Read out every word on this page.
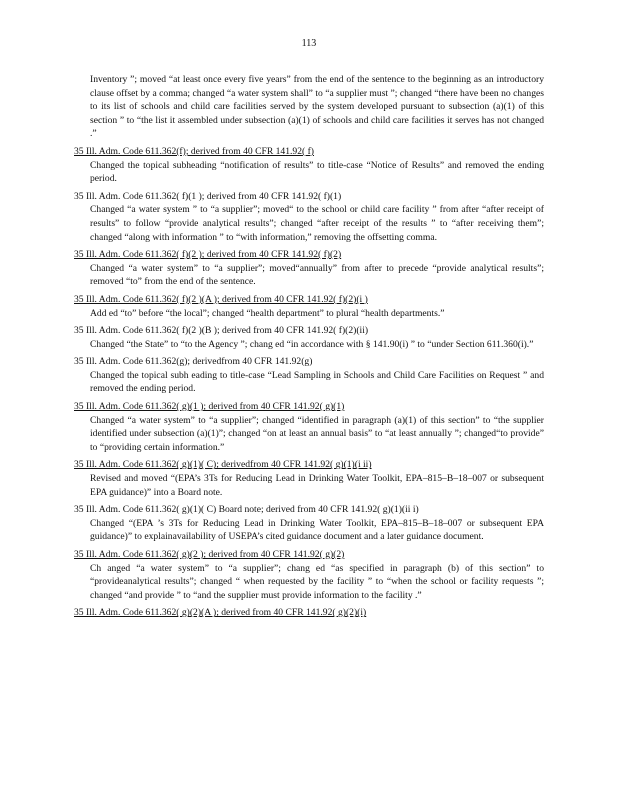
113
Inventory ”; moved “at least once every five years” from the end of the sentence to the beginning as an introductory clause offset by a comma; changed “a water system shall” to “a supplier must ”; changed “there have been no changes to its list of schools and child care facilities served by the system developed pursuant to subsection (a)(1) of this section ” to “the list it assembled under subsection (a)(1) of schools and child care facilities it serves has not changed .”
35 Ill. Adm. Code 611.362(f); derived from 40 CFR 141.92( f)
Changed the topical subheading “notification of results” to title-case “Notice of Results” and removed the ending period.
35 Ill. Adm. Code 611.362( f)(1 ); derived from 40 CFR 141.92( f)(1)
Changed “a water system ” to “a supplier”; moved“ to the school or child care facility ” from after “after receipt of results” to follow “provide analytical results”; changed “after receipt of the results ” to “after receiving them”; changed “along with information ” to “with information,” removing the offsetting comma.
35 Ill. Adm. Code 611.362( f)(2 ); derived from 40 CFR 141.92( f)(2)
Changed “a water system” to “a supplier”; moved“annually” from after to precede “provide analytical results”; removed “to” from the end of the sentence.
35 Ill. Adm. Code 611.362( f)(2 )(A ); derived from 40 CFR 141.92( f)(2)(i )
Add ed “to” before “the local”; changed “health department” to plural “health departments.”
35 Ill. Adm. Code 611.362( f)(2 )(B ); derived from 40 CFR 141.92( f)(2)(ii)
Changed “the State” to “to the Agency ”; chang ed “in accordance with § 141.90(i) ” to “under Section 611.360(i).”
35 Ill. Adm. Code 611.362(g); derivedfrom 40 CFR 141.92(g)
Changed the topical subh eading to title-case “Lead Sampling in Schools and Child Care Facilities on Request ” and removed the ending period.
35 Ill. Adm. Code 611.362( g)(1 ); derived from 40 CFR 141.92( g)(1)
Changed “a water system” to “a supplier”; changed “identified in paragraph (a)(1) of this section” to “the supplier identified under subsection (a)(1)”; changed “on at least an annual basis” to “at least annually ”; changed“to provide” to “providing certain information.”
35 Ill. Adm. Code 611.362( g)(1)( C); derivedfrom 40 CFR 141.92( g)(1)(i ii)
Revised and moved “(EPA’s 3Ts for Reducing Lead in Drinking Water Toolkit, EPA–815–B–18–007 or subsequent EPA guidance)” into a Board note.
35 Ill. Adm. Code 611.362( g)(1)( C) Board note; derived from 40 CFR 141.92( g)(1)(ii i)
Changed “(EPA ’s 3Ts for Reducing Lead in Drinking Water Toolkit, EPA–815–B–18–007 or subsequent EPA guidance)” to explainavailability of USEPA’s cited guidance document and a later guidance document.
35 Ill. Adm. Code 611.362( g)(2 ); derived from 40 CFR 141.92( g)(2)
Ch anged “a water system” to “a supplier”; chang ed “as specified in paragraph (b) of this section” to “provideanalytical results”; changed “ when requested by the facility ” to “when the school or facility requests ”; changed “and provide ” to “and the supplier must provide information to the facility .”
35 Ill. Adm. Code 611.362( g)(2)(A ); derived from 40 CFR 141.92( g)(2)(i)
